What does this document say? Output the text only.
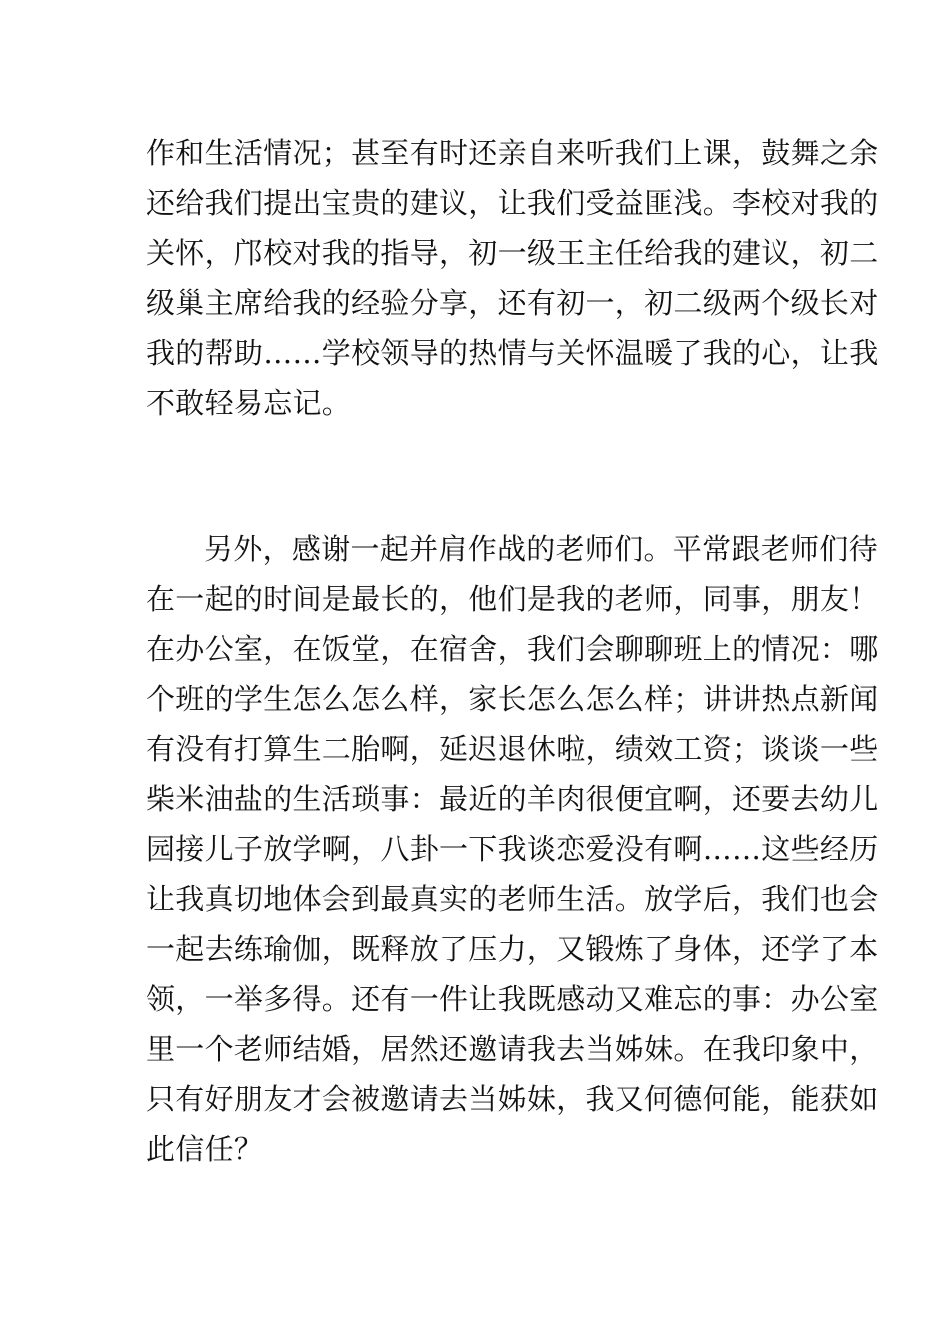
作和生活情况；甚至有时还亲自来听我们上课，鼓舞之余
还给我们提出宝贵的建议，让我们受益匪浅。李校对我的
关怀，邝校对我的指导，初一级王主任给我的建议，初二
级巢主席给我的经验分享，还有初一，初二级两个级长对
我的帮助……学校领导的热情与关怀温暖了我的心，让我
不敢轻易忘记。
另外，感谢一起并肩作战的老师们。平常跟老师们待
在一起的时间是最长的，他们是我的老师，同事，朋友！
在办公室，在饭堂，在宿舍，我们会聊聊班上的情况：哪
个班的学生怎么怎么样，家长怎么怎么样；讲讲热点新闻
有没有打算生二胎啊，延迟退休啦，绩效工资；谈谈一些
柴米油盐的生活琐事：最近的羊肉很便宜啊，还要去幼儿
园接儿子放学啊，八卦一下我谈恋爱没有啊……这些经历
让我真切地体会到最真实的老师生活。放学后，我们也会
一起去练瑜伽，既释放了压力，又锻炼了身体，还学了本
领，一举多得。还有一件让我既感动又难忘的事：办公室
里一个老师结婚，居然还邀请我去当姊妹。在我印象中，
只有好朋友才会被邀请去当姊妹，我又何德何能，能获如
此信任？
